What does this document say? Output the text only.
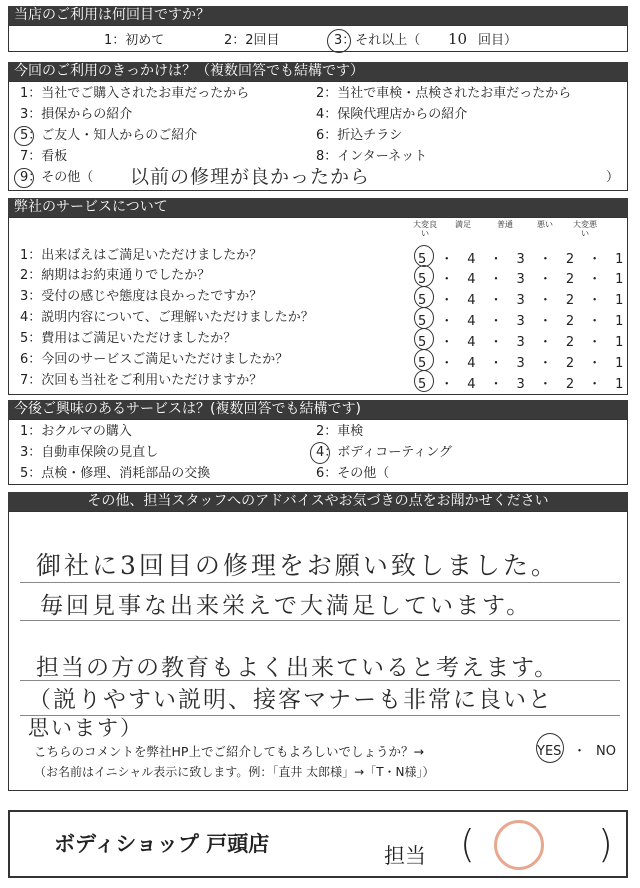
当店のご利用は何回目ですか？
1：初めて	2：2回目	3：それ以上（ 10 回目）
今回のご利用のきっかけは？（複数回答でも結構です）
1：当社でご購入されたお車だったから	2：当社で車検・点検されたお車だったから
3：損保からの紹介	4：保険代理店からの紹介
5：ご友人・知人からのご紹介	6：折込チラシ
7：看板	8：インターネット
9：その他（ 以前の修理が良かったから	）
弊社のサービスについて
大変良い
満足	普通	悪い	大変悪い
1：出来ばえはご満足いただけましたか？	5・4・3・2・1
2：納期はお約束通りでしたか？	5・4・3・2・1
3：受付の感じや態度は良かったですか？	5・4・3・2・1
4：説明内容について、ご理解いただけましたか？	5・4・3・2・1
5：費用はご満足いただけましたか？	5・4・3・2・1
6：今回のサービスご満足いただけましたか？	5・4・3・2・1
7：次回も当社をご利用いただけますか？	5・4・3・2・1
今後ご興味のあるサービスは？(複数回答でも結構です)
1：おクルマの購入	2：車検
3：自動車保険の見直し	4：ボディコーティング
5：点検・修理、消耗部品の交換	6：その他（
その他、担当スタッフへのアドバイスやお気づきの点をお聞かせください
御社に3回目の修理をお願い致しました。
毎回見事な出来栄えで大満足しています。
担当の方の教育もよく出来ていると考えます。
（説りやすい説明、接客マナーも非常に良いと
思います）
こちらのコメントを弊社HP上でご紹介してもよろしいでしょうか？→	YES ・ NO
（お名前はイニシャル表示に致します。例：「直井 太郎様」→「T・N様」）
ボディショップ 戸頭店	担当 (	)
